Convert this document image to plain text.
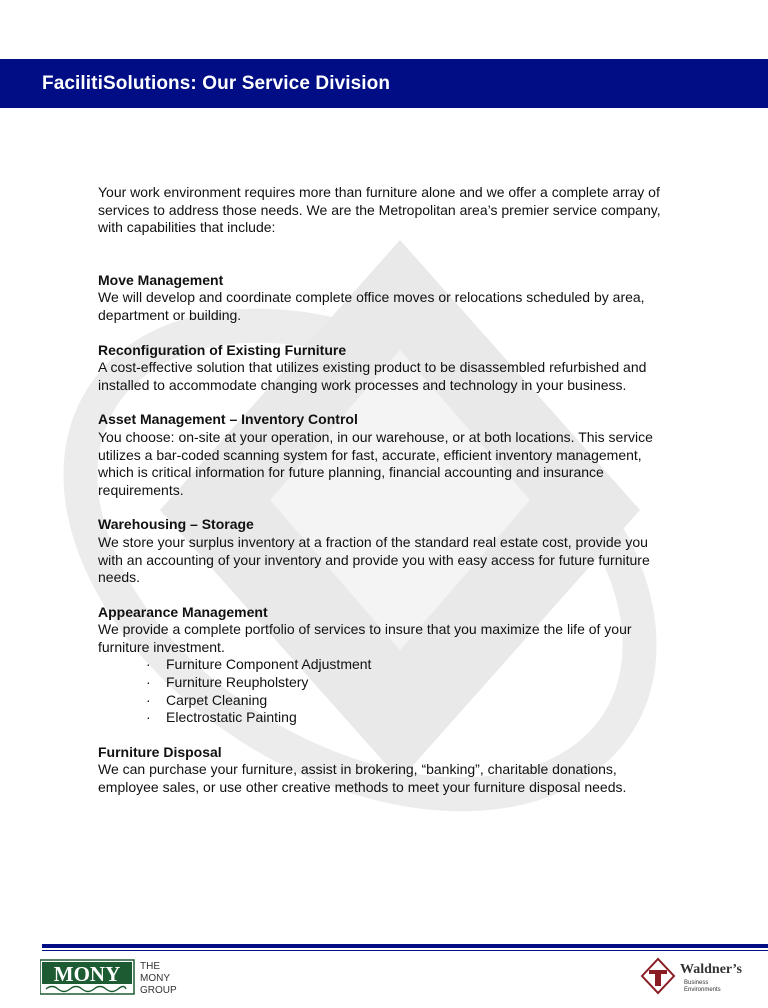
FacilitiSolutions: Our Service Division

Your work environment requires more than furniture alone and we offer a complete array of services to address those needs. We are the Metropolitan area’s premier service company, with capabilities that include:

Move Management

We will develop and coordinate complete office moves or relocations scheduled by area, department or building.

Reconfiguration of Existing Furniture

A cost-effective solution that utilizes existing product to be disassembled refurbished and installed to accommodate changing work processes and technology in your business.

Asset Management – Inventory Control

You choose: on-site at your operation, in our warehouse, or at both locations. This service utilizes a bar-coded scanning system for fast, accurate, efficient inventory management, which is critical information for future planning, financial accounting and insurance requirements.

Warehousing – Storage

We store your surplus inventory at a fraction of the standard real estate cost, provide you with an accounting of your inventory and provide you with easy access for future furniture needs.

Appearance Management

We provide a complete portfolio of services to insure that you maximize the life of your furniture investment.

· Furniture Component Adjustment
· Furniture Reupholstery
· Carpet Cleaning
· Electrostatic Painting

Furniture Disposal

We can purchase your furniture, assist in brokering, “banking”, charitable donations, employee sales, or use other creative methods to meet your furniture disposal needs.

MONY THE
MONY
GROUP
Waldner’s
Business
Environments
